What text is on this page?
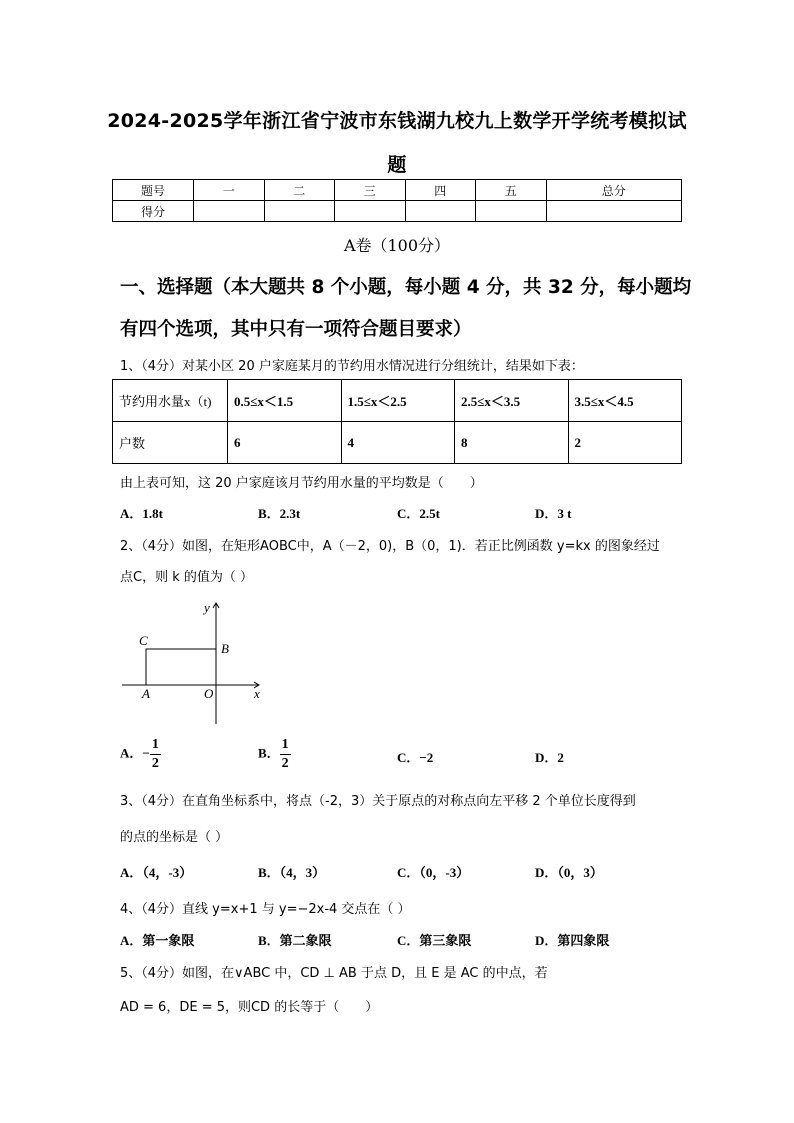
2024-2025学年浙江省宁波市东钱湖九校九上数学开学统考模拟试
题
题号	一	二	三	四	五	总分
得分						
A卷（100分）
一、选择题（本大题共 8 个小题，每小题 4 分，共 32 分，每小题均
有四个选项，其中只有一项符合题目要求）
1、（4分）对某小区 20 户家庭某月的节约用水情况进行分组统计，结果如下表：
节约用水量x（t)	0.5≤x＜1.5	1.5≤x＜2.5	2.5≤x＜3.5	3.5≤x＜4.5
户数	6	4	8	2
由上表可知，这 20 户家庭该月节约用水量的平均数是（　　）
A．1.8t	B．2.3t	C．2.5t	D．3 t
2、（4分）如图，在矩形AOBC中，A（－2，0)，B（0，1)．若正比例函数 y=kx 的图象经过
点C，则 k 的值为（ ）
y
x
C
B
A	O
A．− $\frac{1}{2}$	B． $\frac{1}{2}$	C．−2	D．2
3、（4分）在直角坐标系中，将点（-2，3）关于原点的对称点向左平移 2 个单位长度得到
的点的坐标是（ ）
A．（4，-3）	B．（4，3）	C．（0，-3）	D．（0，3）
4、（4分）直线 y=x+1 与 y=−2x-4 交点在（ ）
A．第一象限	B．第二象限	C．第三象限	D．第四象限
5、（4分）如图，在∨ABC 中，CD ⊥ AB 于点 D，且 E 是 AC 的中点，若
AD = 6，DE = 5，则CD 的长等于（　　）
